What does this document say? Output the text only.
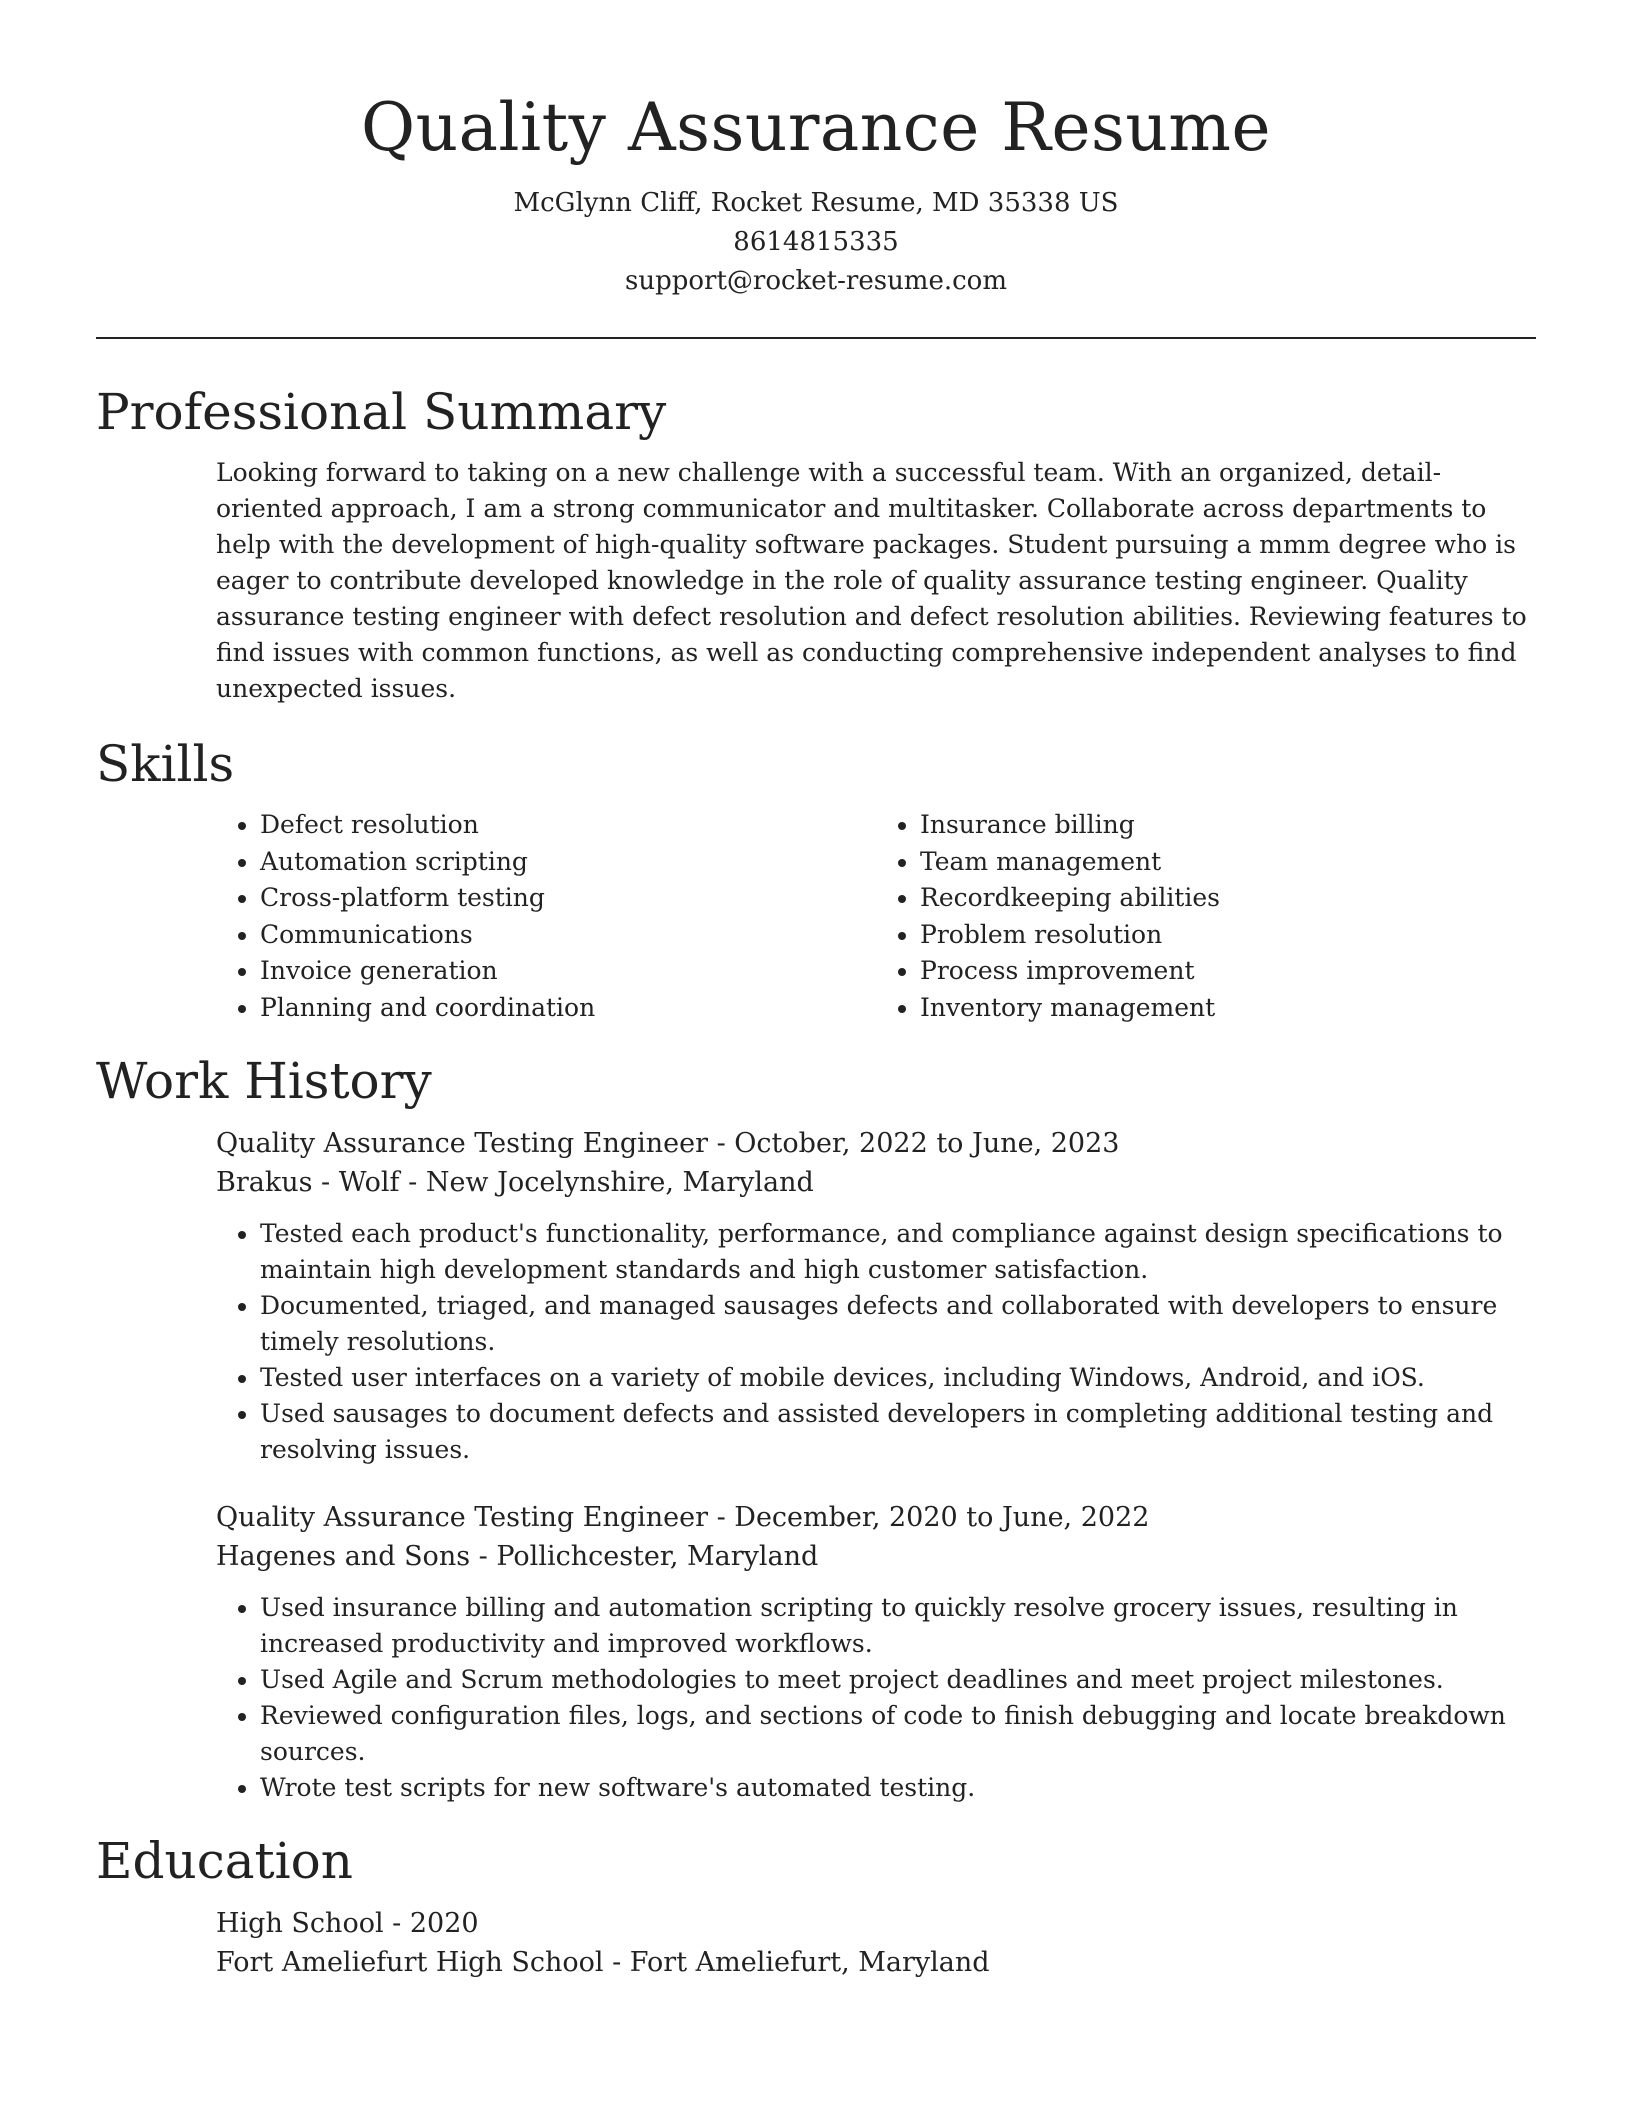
Quality Assurance Resume
McGlynn Cliff, Rocket Resume, MD 35338 US
8614815335
support@rocket-resume.com
Professional Summary

Looking forward to taking on a new challenge with a successful team. With an organized, detail-oriented approach, I am a strong communicator and multitasker. Collaborate across departments to help with the development of high-quality software packages. Student pursuing a mmm degree who is eager to contribute developed knowledge in the role of quality assurance testing engineer. Quality assurance testing engineer with defect resolution and defect resolution abilities. Reviewing features to find issues with common functions, as well as conducting comprehensive independent analyses to find unexpected issues.

Skills
• Defect resolution
• Automation scripting
• Cross-platform testing
• Communications
• Invoice generation
• Planning and coordination
• Insurance billing
• Team management
• Recordkeeping abilities
• Problem resolution
• Process improvement
• Inventory management
Work History
Quality Assurance Testing Engineer - October, 2022 to June, 2023
Brakus - Wolf - New Jocelynshire, Maryland
• Tested each product's functionality, performance, and compliance against design specifications to maintain high development standards and high customer satisfaction.
• Documented, triaged, and managed sausages defects and collaborated with developers to ensure timely resolutions.
• Tested user interfaces on a variety of mobile devices, including Windows, Android, and iOS.
• Used sausages to document defects and assisted developers in completing additional testing and resolving issues.
Quality Assurance Testing Engineer - December, 2020 to June, 2022
Hagenes and Sons - Pollichcester, Maryland
• Used insurance billing and automation scripting to quickly resolve grocery issues, resulting in increased productivity and improved workflows.
• Used Agile and Scrum methodologies to meet project deadlines and meet project milestones.
• Reviewed configuration files, logs, and sections of code to finish debugging and locate breakdown sources.
• Wrote test scripts for new software's automated testing.
Education
High School - 2020
Fort Ameliefurt High School - Fort Ameliefurt, Maryland
